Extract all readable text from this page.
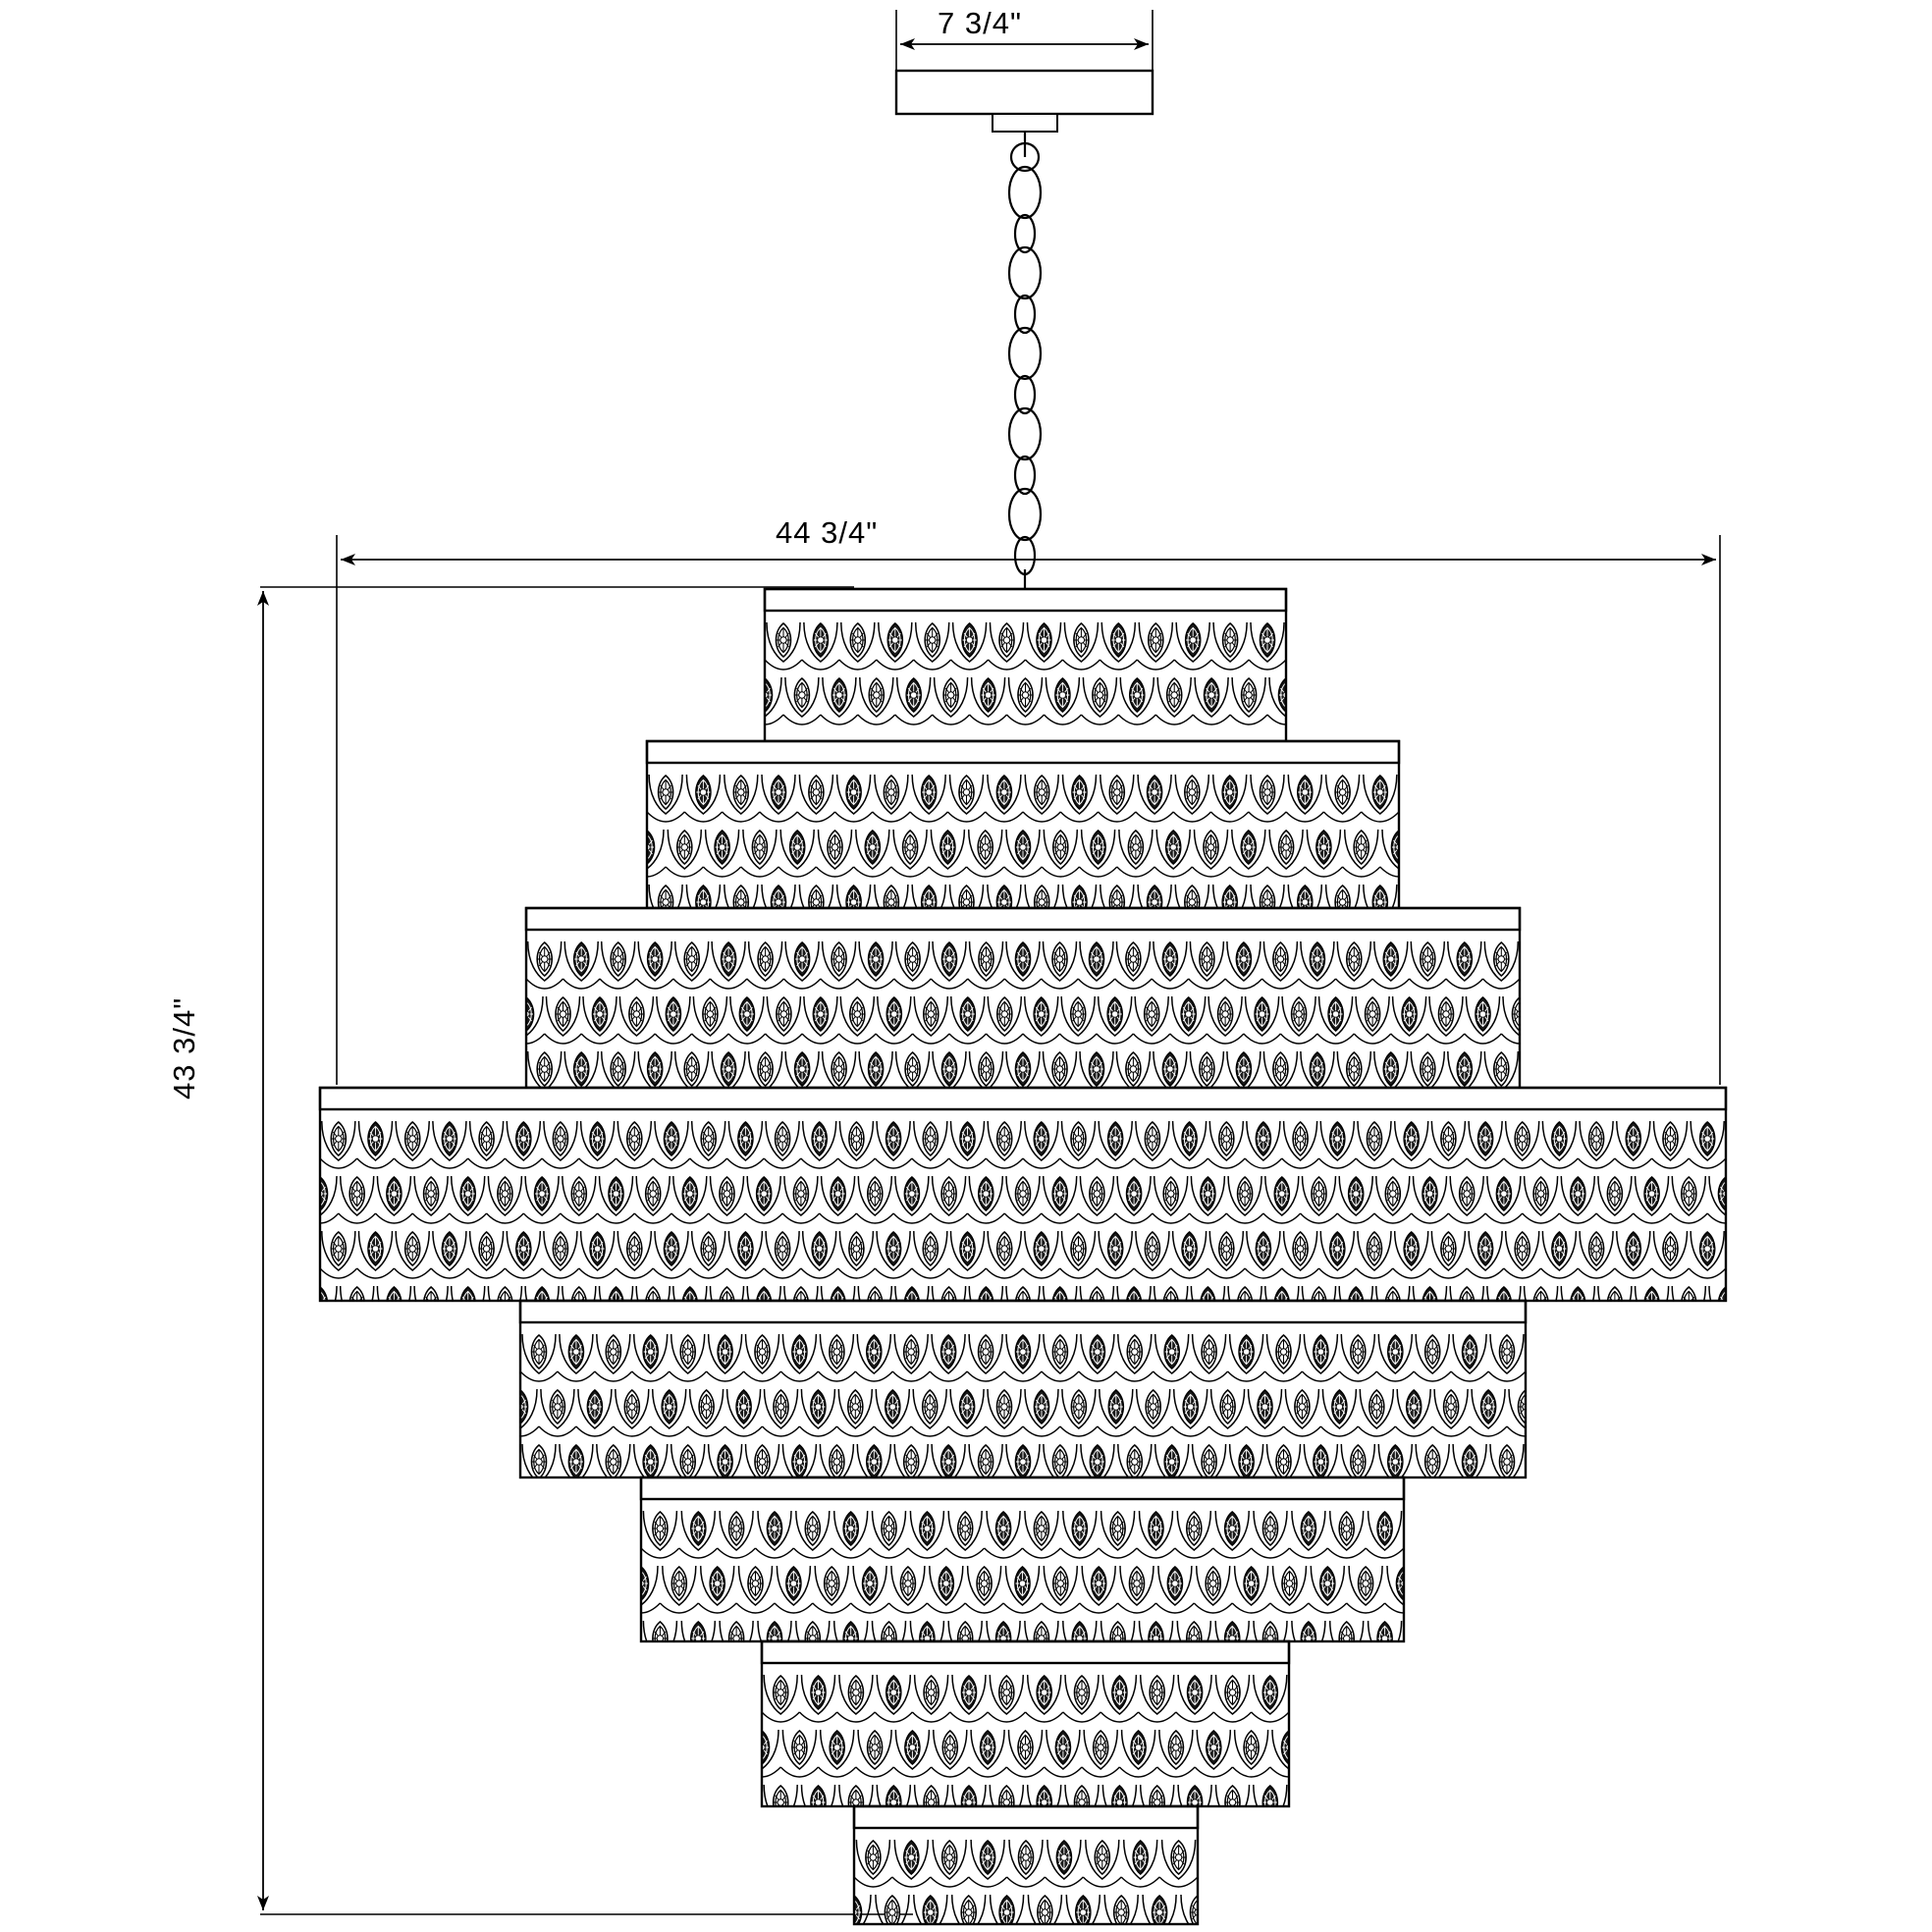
7 3/4"
44 3/4"
43 3/4"
